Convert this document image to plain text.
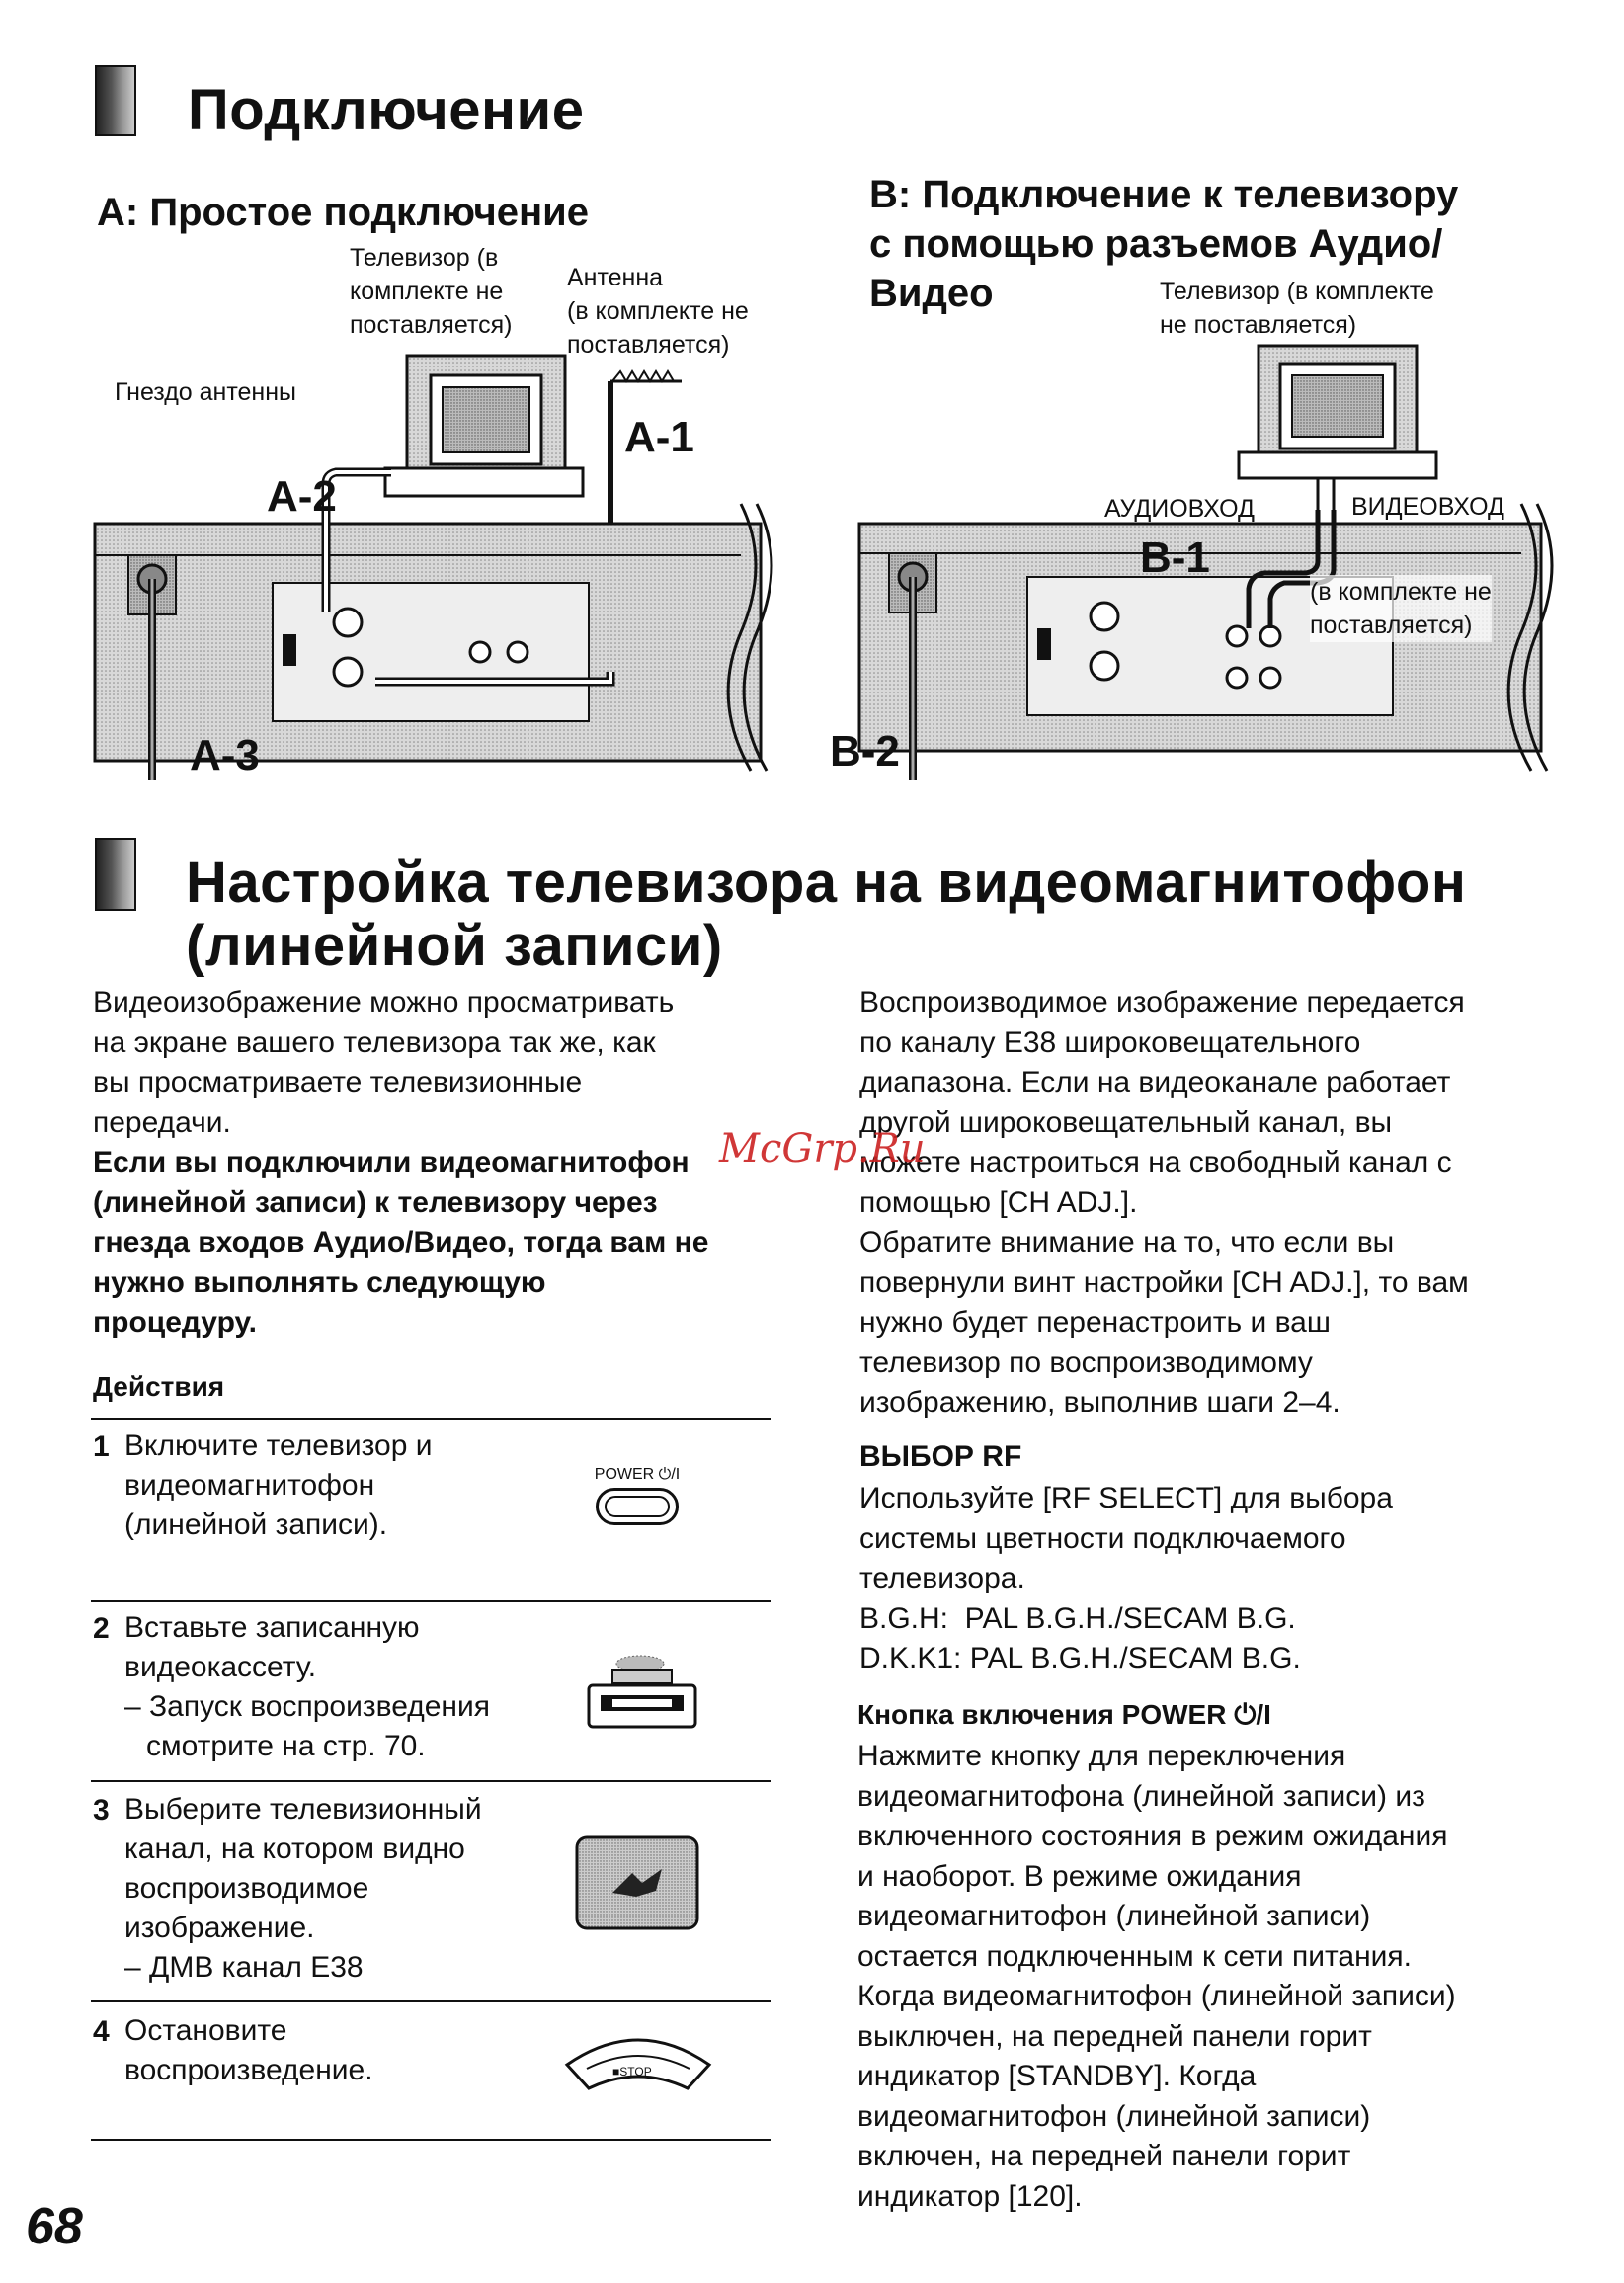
Подключение
A: Простое подключение	B: Подключение к телевизору
с помощью разъемов Аудио/
Видео
Телевизор (в
комплекте не
поставляется)
Антенна
(в комплекте не
поставляется)
Гнездо антенны
Телевизор (в комплекте
не поставляется)
АУДИОВХОД	ВИДЕОВХОД
A-1
A-2
A-3
B-1
B-2
(в комплекте не
поставляется)
Настройка телевизора на видеомагнитофон
(линейной записи)
Видеоизображение можно просматривать
на экране вашего телевизора так же, как
вы просматриваете телевизионные
передачи.
Если вы подключили видеомагнитофон
(линейной записи) к телевизору через
гнезда входов Аудио/Видео, тогда вам не
нужно выполнять следующую
процедуру.
Действия
1 Включите телевизор и
видеомагнитофон
(линейной записи).
POWER ⏻/I
2 Вставьте записанную
видеокассету.
– Запуск воспроизведения
смотрите на стр. 70.
3 Выберите телевизионный
канал, на котором видно
воспроизводимое
изображение.
– ДМВ канал E38
4 Остановите
воспроизведение.	■STOP
Воспроизводимое изображение передается
по каналу E38 широковещательного
диапазона. Если на видеоканале работает
другой широковещательный канал, вы
можете настроиться на свободный канал с
помощью [CH ADJ.].
Обратите внимание на то, что если вы
повернули винт настройки [CH ADJ.], то вам
нужно будет перенастроить и ваш
телевизор по воспроизводимому
изображению, выполнив шаги 2–4.
ВЫБОР RF
Используйте [RF SELECT] для выбора
системы цветности подключаемого
телевизора.
B.G.H:  PAL B.G.H./SECAM B.G.
D.K.K1: PAL B.G.H./SECAM B.G.
Кнопка включения POWER ⏻/I
Нажмите кнопку для переключения
видеомагнитофона (линейной записи) из
включенного состояния в режим ожидания
и наоборот. В режиме ожидания
видеомагнитофон (линейной записи)
остается подключенным к сети питания.
Когда видеомагнитофон (линейной записи)
выключен, на передней панели горит
индикатор [STANDBY]. Когда
видеомагнитофон (линейной записи)
включен, на передней панели горит
индикатор [120].
McGrp.Ru
68
